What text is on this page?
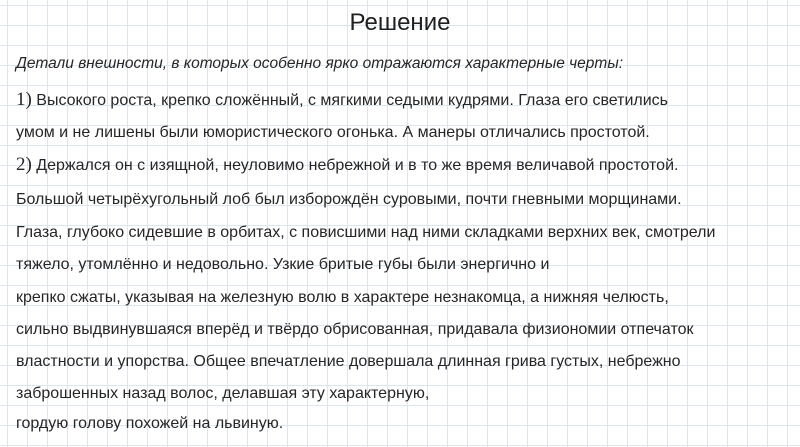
Решение
Детали внешности, в которых особенно ярко отражаются характерные черты:
1) Высокого роста, крепко сложённый, с мягкими седыми кудрями. Глаза его светились
умом и не лишены были юмористического огонька. А манеры отличались простотой.
2) Держался он с изящной, неуловимо небрежной и в то же время величавой простотой.
Большой четырёхугольный лоб был изборождён суровыми, почти гневными морщинами.
Глаза, глубоко сидевшие в орбитах, с повисшими над ними складками верхних век, смотрели
тяжело, утомлённо и недовольно. Узкие бритые губы были энергично и
крепко сжаты, указывая на железную волю в характере незнакомца, а нижняя челюсть,
сильно выдвинувшаяся вперёд и твёрдо обрисованная, придавала физиономии отпечаток
властности и упорства. Общее впечатление довершала длинная грива густых, небрежно
заброшенных назад волос, делавшая эту характерную,
гордую голову похожей на львиную.
